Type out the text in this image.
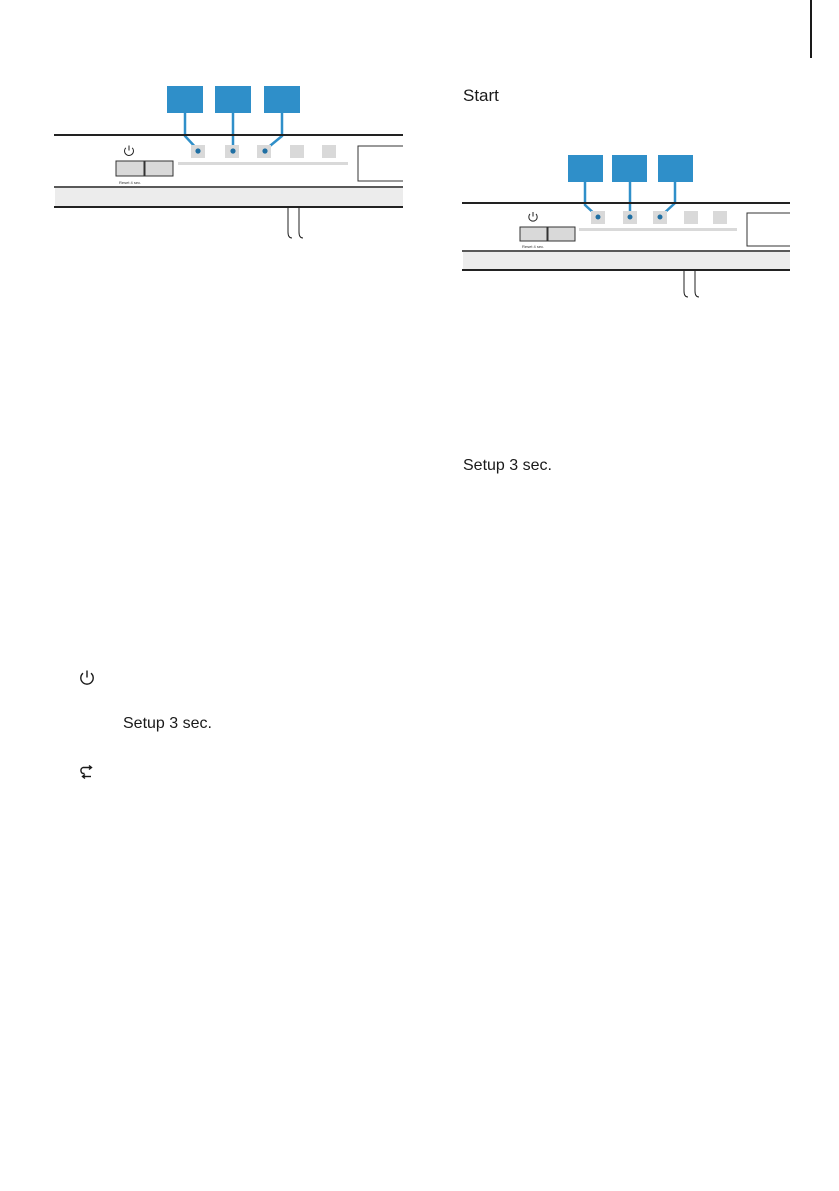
Reset 4 sec.
Start
Reset 4 sec.
Setup 3 sec.
Setup 3 sec.
